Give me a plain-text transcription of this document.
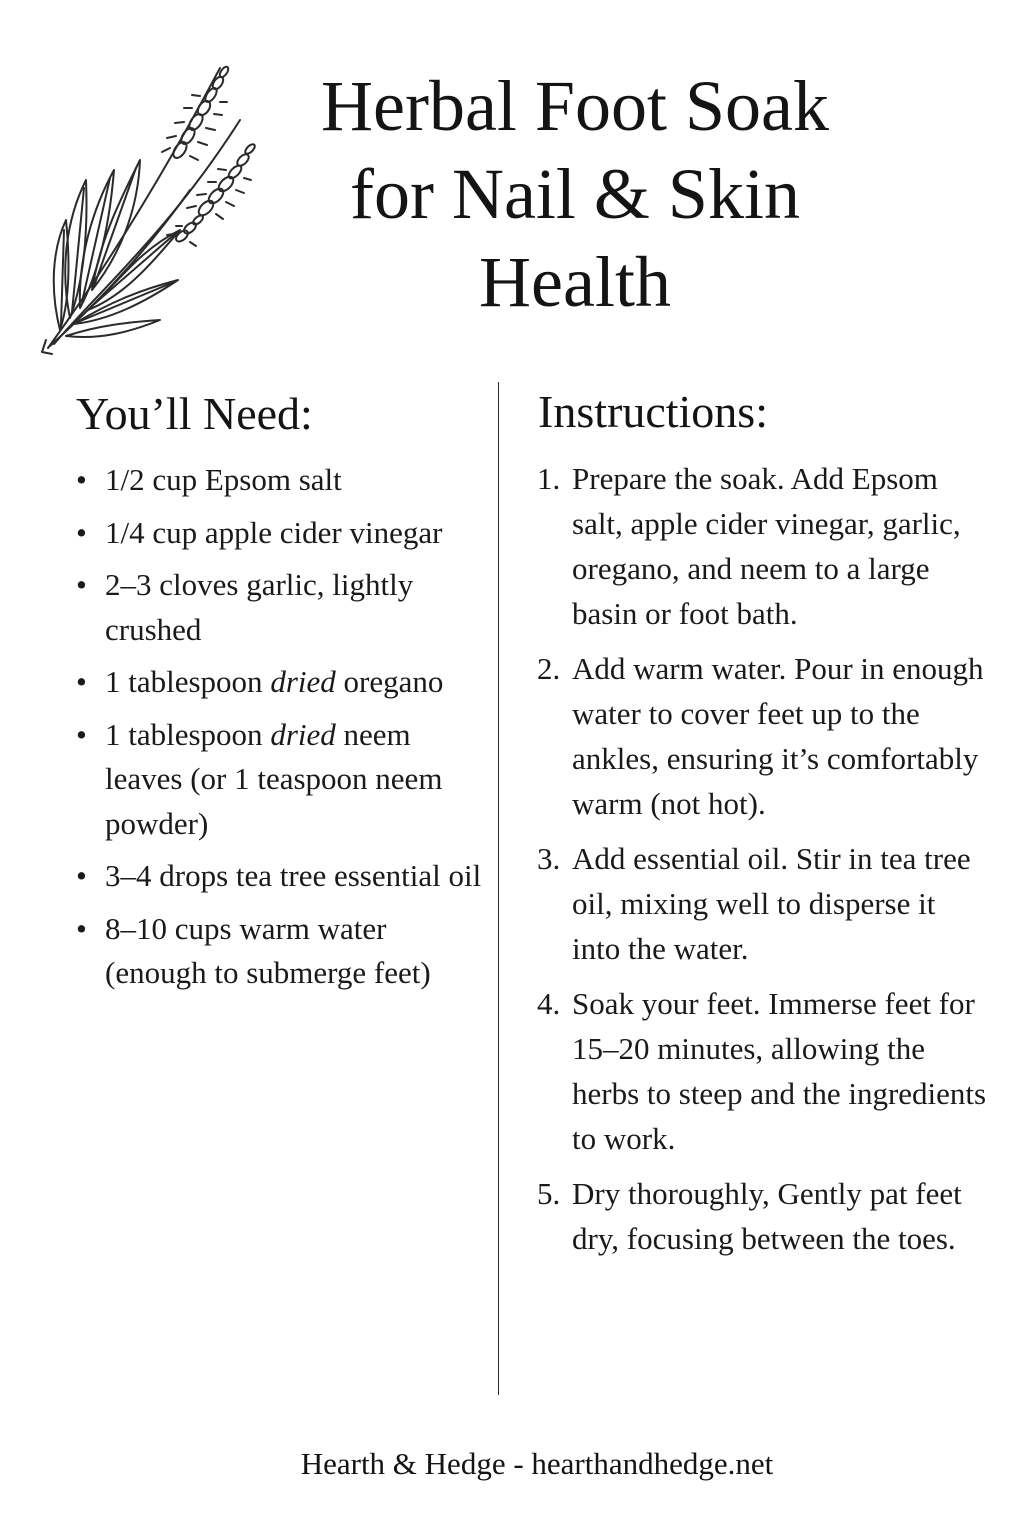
Herbal Foot Soak
for Nail & Skin
Health
You’ll Need:
• 1/2 cup Epsom salt
• 1/4 cup apple cider vinegar
• 2–3 cloves garlic, lightly crushed
• 1 tablespoon dried oregano
• 1 tablespoon dried neem leaves (or 1 teaspoon neem powder)
• 3–4 drops tea tree essential oil
• 8–10 cups warm water (enough to submerge feet)
Instructions:
1. Prepare the soak. Add Epsom salt, apple cider vinegar, garlic, oregano, and neem to a large basin or foot bath.
2. Add warm water. Pour in enough water to cover feet up to the ankles, ensuring it’s comfortably warm (not hot).
3. Add essential oil. Stir in tea tree oil, mixing well to disperse it into the water.
4. Soak your feet. Immerse feet for 15–20 minutes, allowing the herbs to steep and the ingredients to work.
5. Dry thoroughly, Gently pat feet dry, focusing between the toes.
Hearth & Hedge - hearthandhedge.net
